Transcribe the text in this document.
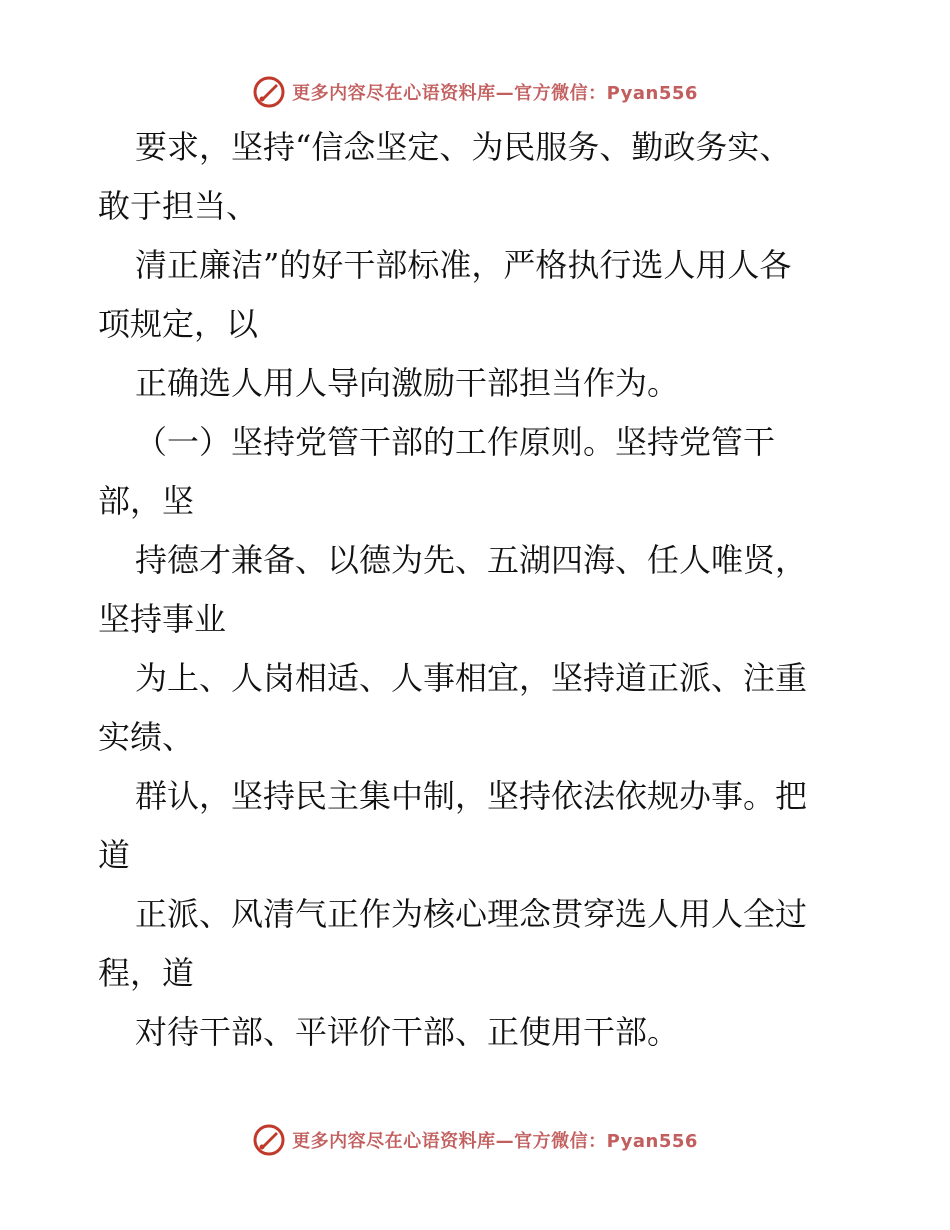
更多内容尽在心语资料库—官方微信：Pyan556
要求，坚持“信念坚定、为民服务、勤政务实、
敢于担当、
清正廉洁”的好干部标准，严格执行选人用人各
项规定，以
正确选人用人导向激励干部担当作为。
（一）坚持党管干部的工作原则。坚持党管干
部，坚
持德才兼备、以德为先、五湖四海、任人唯贤，
坚持事业
为上、人岗相适、人事相宜，坚持道正派、注重
实绩、
群认，坚持民主集中制，坚持依法依规办事。把
道
正派、风清气正作为核心理念贯穿选人用人全过
程，道
对待干部、平评价干部、正使用干部。
更多内容尽在心语资料库—官方微信：Pyan556
